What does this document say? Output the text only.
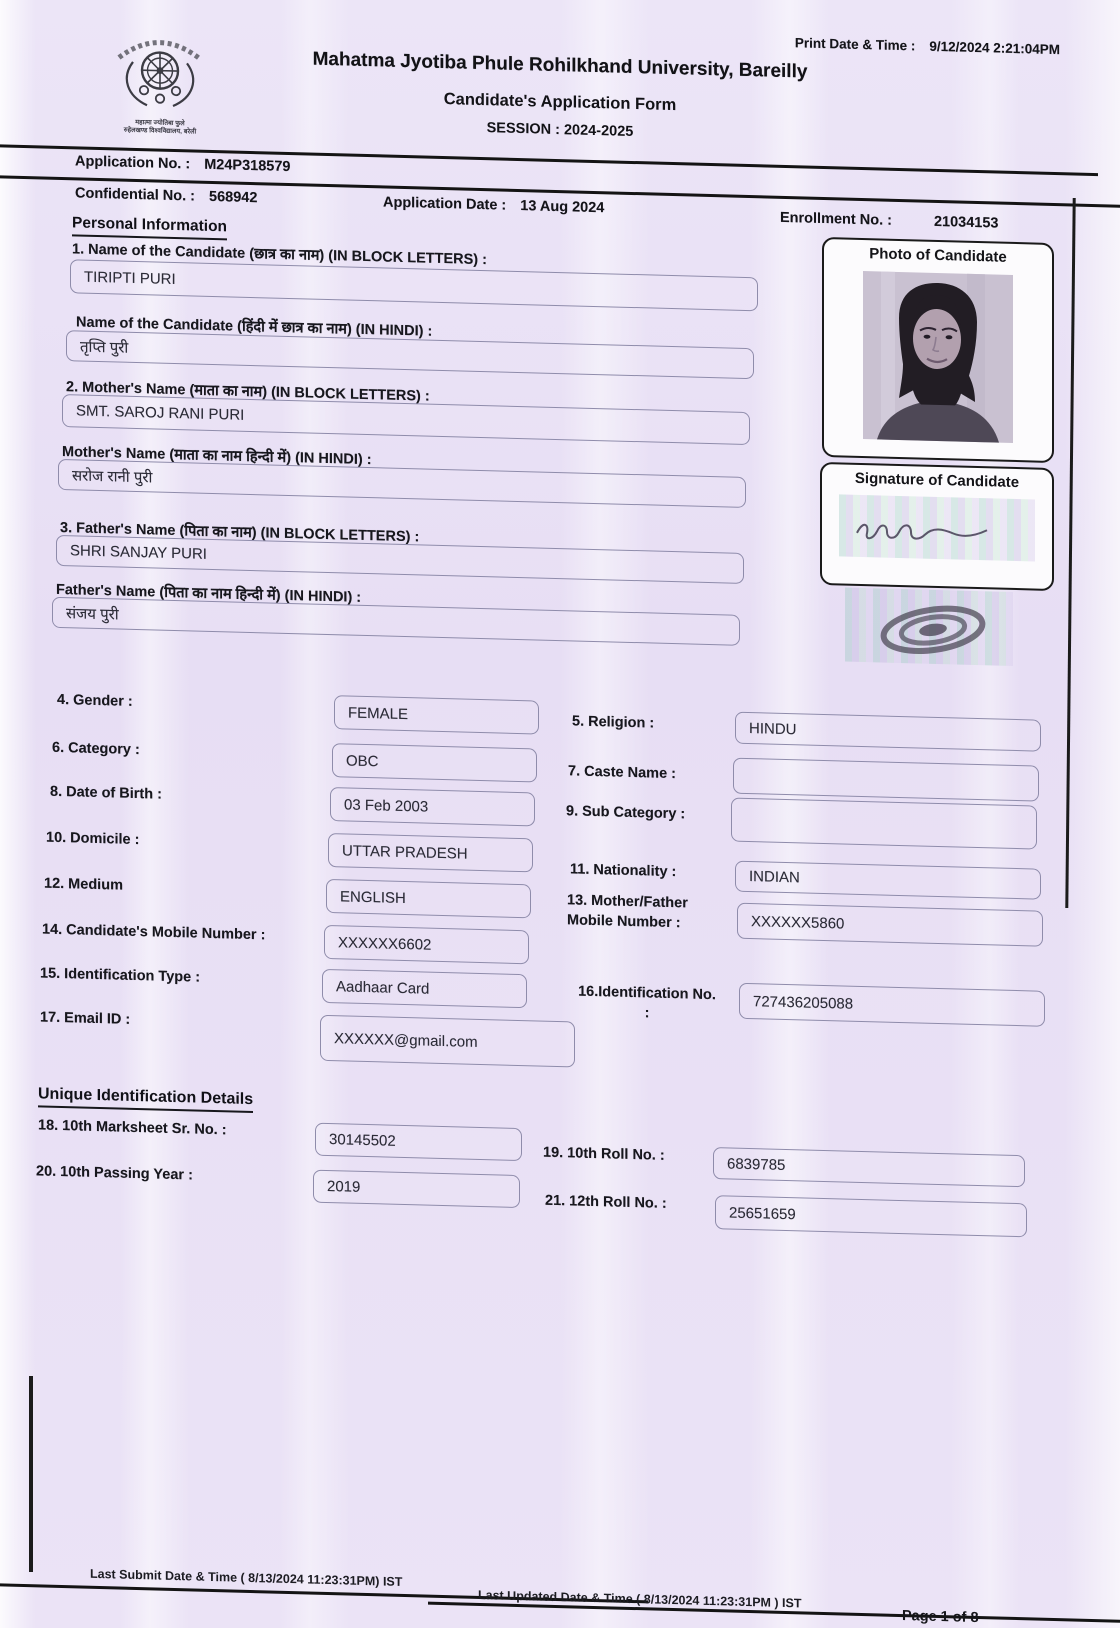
Print Date & Time : 9/12/2024 2:21:04PM
महात्मा ज्योतिबा फुले
रुहेलखण्ड विश्वविद्यालय, बरेली
Mahatma Jyotiba Phule Rohilkhand University, Bareilly
Candidate's Application Form
SESSION : 2024-2025
Application No. : M24P318579
Confidential No. : 568942	Application Date : 13 Aug 2024
Enrollment No. :	21034153
Personal Information
1. Name of the Candidate (छात्र का नाम) (IN BLOCK LETTERS) :
TIRIPTI PURI
Name of the Candidate (हिंदी में छात्र का नाम) (IN HINDI) :
तृप्ति पुरी
2. Mother's Name (माता का नाम) (IN BLOCK LETTERS) :
SMT. SAROJ RANI PURI
Mother's Name (माता का नाम हिन्दी में) (IN HINDI) :
सरोज रानी पुरी
3. Father's Name (पिता का नाम) (IN BLOCK LETTERS) :
SHRI SANJAY PURI
Father's Name (पिता का नाम हिन्दी में) (IN HINDI) :
संजय पुरी
Photo of Candidate
Signature of Candidate
4. Gender :
FEMALE
6. Category :
OBC
8. Date of Birth :
03 Feb 2003
10. Domicile :
UTTAR PRADESH
12. Medium
ENGLISH
14. Candidate's Mobile Number :
XXXXXX6602
15. Identification Type :
Aadhaar Card
17. Email ID :
XXXXXX@gmail.com
5. Religion :	HINDU
7. Caste Name :
9. Sub Category :
11. Nationality :	INDIAN
13. Mother/Father Mobile Number :	XXXXXX5860
16.Identification No. :
727436205088
Unique Identification Details
18. 10th Marksheet Sr. No. :
30145502
19. 10th Roll No. :
6839785
20. 10th Passing Year :
2019
21. 12th Roll No. :
25651659
Last Submit Date & Time ( 8/13/2024 11:23:31PM) IST
Last Updated Date & Time ( 8/13/2024 11:23:31PM ) IST
Page 1 of 8
